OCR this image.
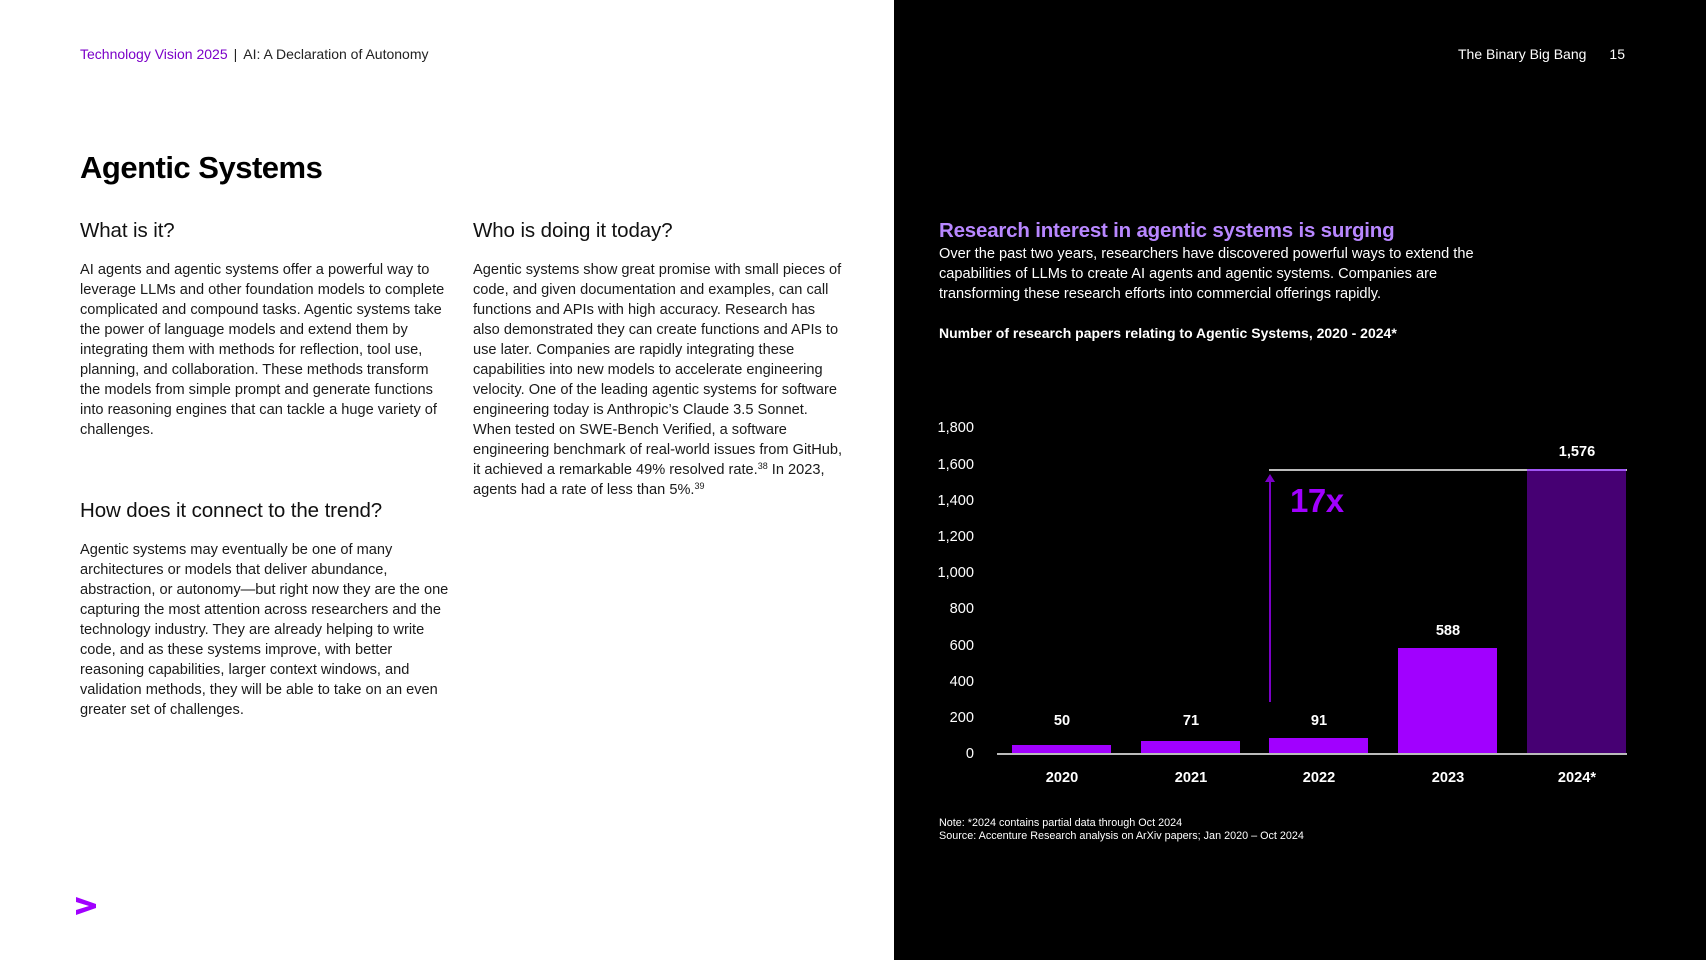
Technology Vision 2025 | AI: A Declaration of Autonomy
Agentic Systems
What is it?

AI agents and agentic systems offer a powerful way to leverage LLMs and other foundation models to complete complicated and compound tasks. Agentic systems take the power of language models and extend them by integrating them with methods for reflection, tool use, planning, and collaboration. These methods transform the models from simple prompt and generate functions into reasoning engines that can tackle a huge variety of challenges.

Who is doing it today?

Agentic systems show great promise with small pieces of code, and given documentation and examples, can call functions and APIs with high accuracy. Research has also demonstrated they can create functions and APIs to use later. Companies are rapidly integrating these capabilities into new models to accelerate engineering velocity. One of the leading agentic systems for software engineering today is Anthropic’s Claude 3.5 Sonnet. When tested on SWE-Bench Verified, a software engineering benchmark of real-world issues from GitHub, it achieved a remarkable 49% resolved rate.$^{38}$ In 2023, agents had a rate of less than 5%.$^{39}$

How does it connect to the trend?

Agentic systems may eventually be one of many architectures or models that deliver abundance, abstraction, or autonomy—but right now they are the one capturing the most attention across researchers and the technology industry. They are already helping to write code, and as these systems improve, with better reasoning capabilities, larger context windows, and validation methods, they will be able to take on an even greater set of challenges.

The Binary Big Bang 15
Research interest in agentic systems is surging
Over the past two years, researchers have discovered powerful ways to extend the capabilities of LLMs to create AI agents and agentic systems. Companies are transforming these research efforts into commercial offerings rapidly.
Number of research papers relating to Agentic Systems, 2020 - 2024*
0
200
400
600
800
1,000
1,200
1,400
1,600
1,800
17x
50	71	91
588
1,576
2020	2021	2022	2023	2024*
Note: *2024 contains partial data through Oct 2024
Source: Accenture Research analysis on ArXiv papers; Jan 2020 – Oct 2024
